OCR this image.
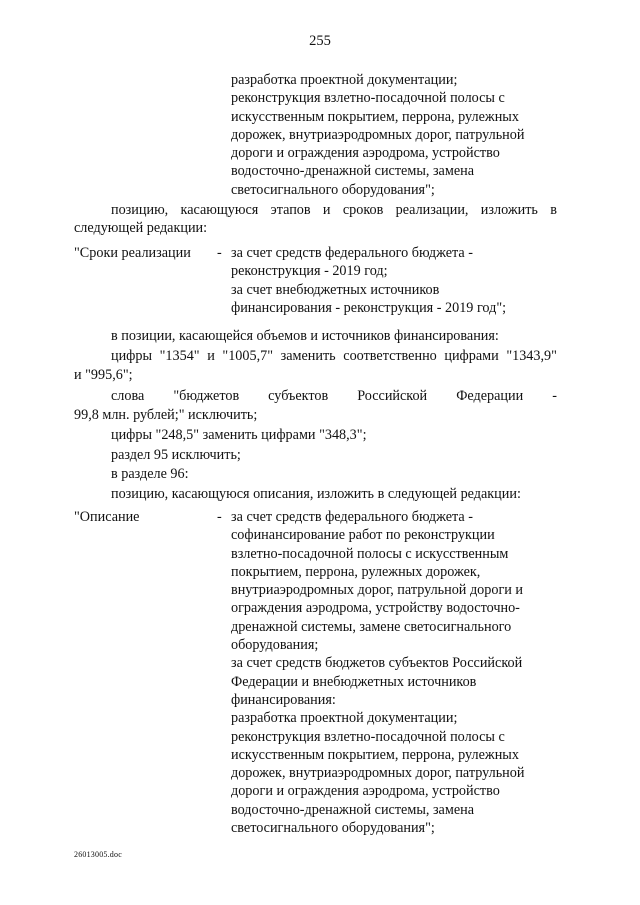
255
разработка проектной документации;
реконструкция взлетно-посадочной полосы с
искусственным покрытием, перрона, рулежных
дорожек, внутриаэродромных дорог, патрульной
дороги и ограждения аэродрома, устройство
водосточно-дренажной системы, замена
светосигнального оборудования";
позицию, касающуюся этапов и сроков реализации, изложить в
следующей редакции:
"Сроки реализации - за счет средств федерального бюджета -
реконструкция - 2019 год;
за счет внебюджетных источников
финансирования - реконструкция - 2019 год";
в позиции, касающейся объемов и источников финансирования:
цифры "1354" и "1005,7" заменить соответственно цифрами "1343,9"
и "995,6";
слова "бюджетов субъектов Российской Федерации -
99,8 млн. рублей;" исключить;
цифры "248,5" заменить цифрами "348,3";
раздел 95 исключить;
в разделе 96:
позицию, касающуюся описания, изложить в следующей редакции:
"Описание	- за счет средств федерального бюджета -
софинансирование работ по реконструкции
взлетно-посадочной полосы с искусственным
покрытием, перрона, рулежных дорожек,
внутриаэродромных дорог, патрульной дороги и
ограждения аэродрома, устройству водосточно-
дренажной системы, замене светосигнального
оборудования;
за счет средств бюджетов субъектов Российской
Федерации и внебюджетных источников
финансирования:
разработка проектной документации;
реконструкция взлетно-посадочной полосы с
искусственным покрытием, перрона, рулежных
дорожек, внутриаэродромных дорог, патрульной
дороги и ограждения аэродрома, устройство
водосточно-дренажной системы, замена
светосигнального оборудования";
26013005.doc
